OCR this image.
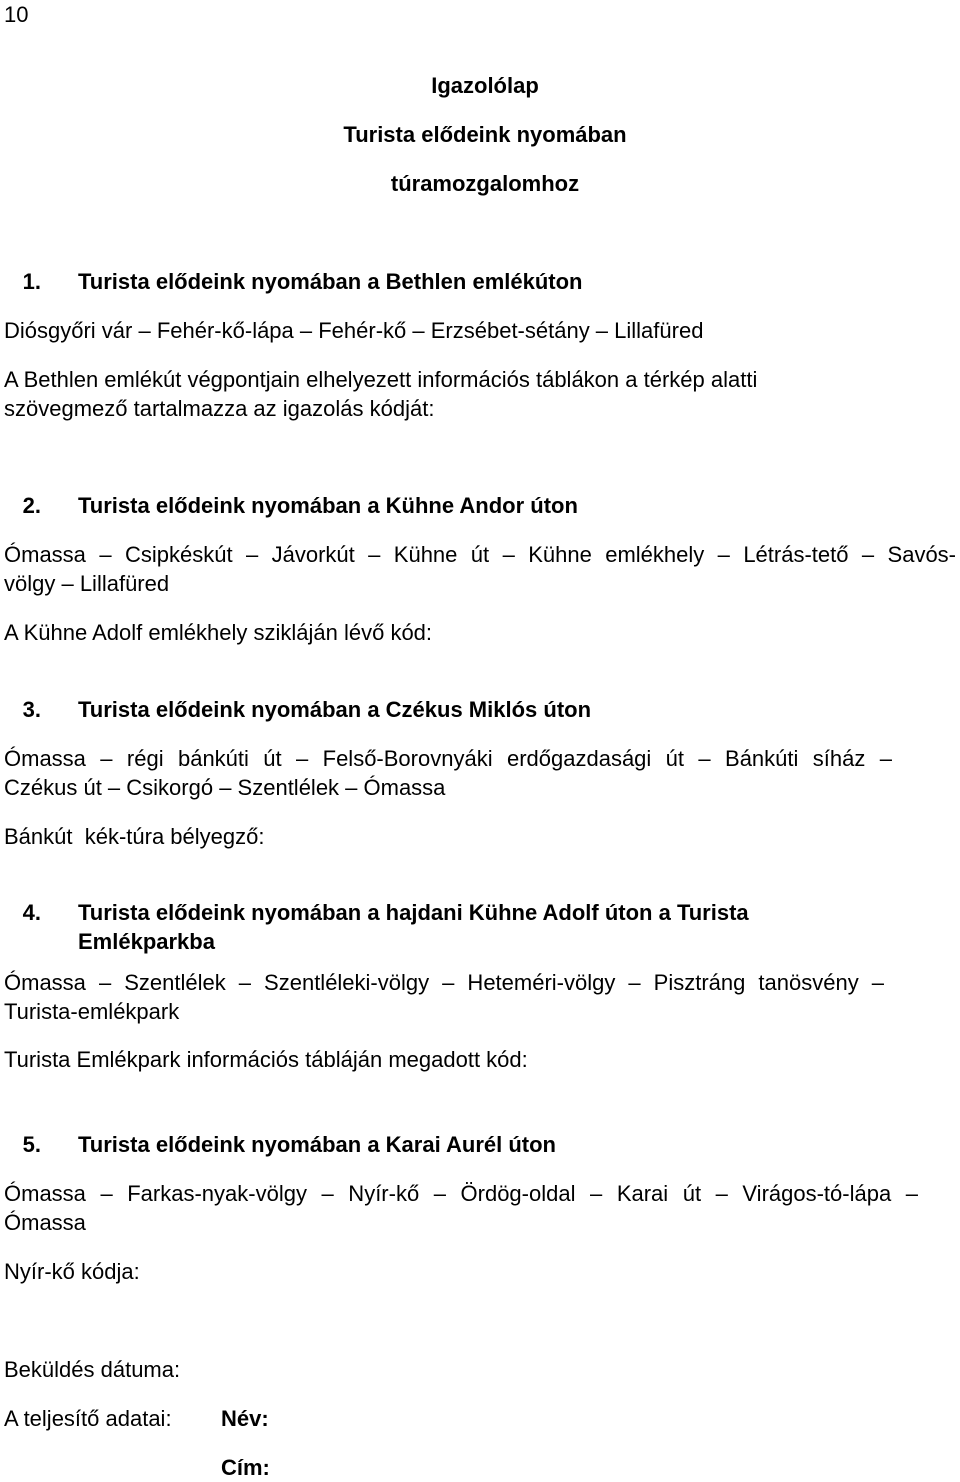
10
Igazolólap
Turista elődeink nyomában
túramozgalomhoz
1. Turista elődeink nyomában a Bethlen emlékúton
Diósgyőri vár – Fehér-kő-lápa – Fehér-kő – Erzsébet-sétány – Lillafüred
A Bethlen emlékút végpontjain elhelyezett információs táblákon a térkép alatti
szövegmező tartalmazza az igazolás kódját:
2. Turista elődeink nyomában a Kühne Andor úton
Ómassa – Csipkéskút – Jávorkút – Kühne út – Kühne emlékhely – Létrás-tető – Savós-
völgy – Lillafüred
A Kühne Adolf emlékhely szikláján lévő kód:
3. Turista elődeink nyomában a Czékus Miklós úton
Ómassa – régi bánkúti út – Felső-Borovnyáki erdőgazdasági út – Bánkúti síház –
Czékus út – Csikorgó – Szentlélek – Ómassa
Bánkút  kék-túra bélyegző:
4. Turista elődeink nyomában a hajdani Kühne Adolf úton a Turista
Emlékparkba
Ómassa – Szentlélek – Szentléleki-völgy – Heteméri-völgy – Pisztráng tanösvény –
Turista-emlékpark
Turista Emlékpark információs tábláján megadott kód:
5. Turista elődeink nyomában a Karai Aurél úton
Ómassa – Farkas-nyak-völgy – Nyír-kő – Ördög-oldal – Karai út – Virágos-tó-lápa –
Ómassa
Nyír-kő kódja:
Beküldés dátuma:
A teljesítő adatai: Név:
Cím:
